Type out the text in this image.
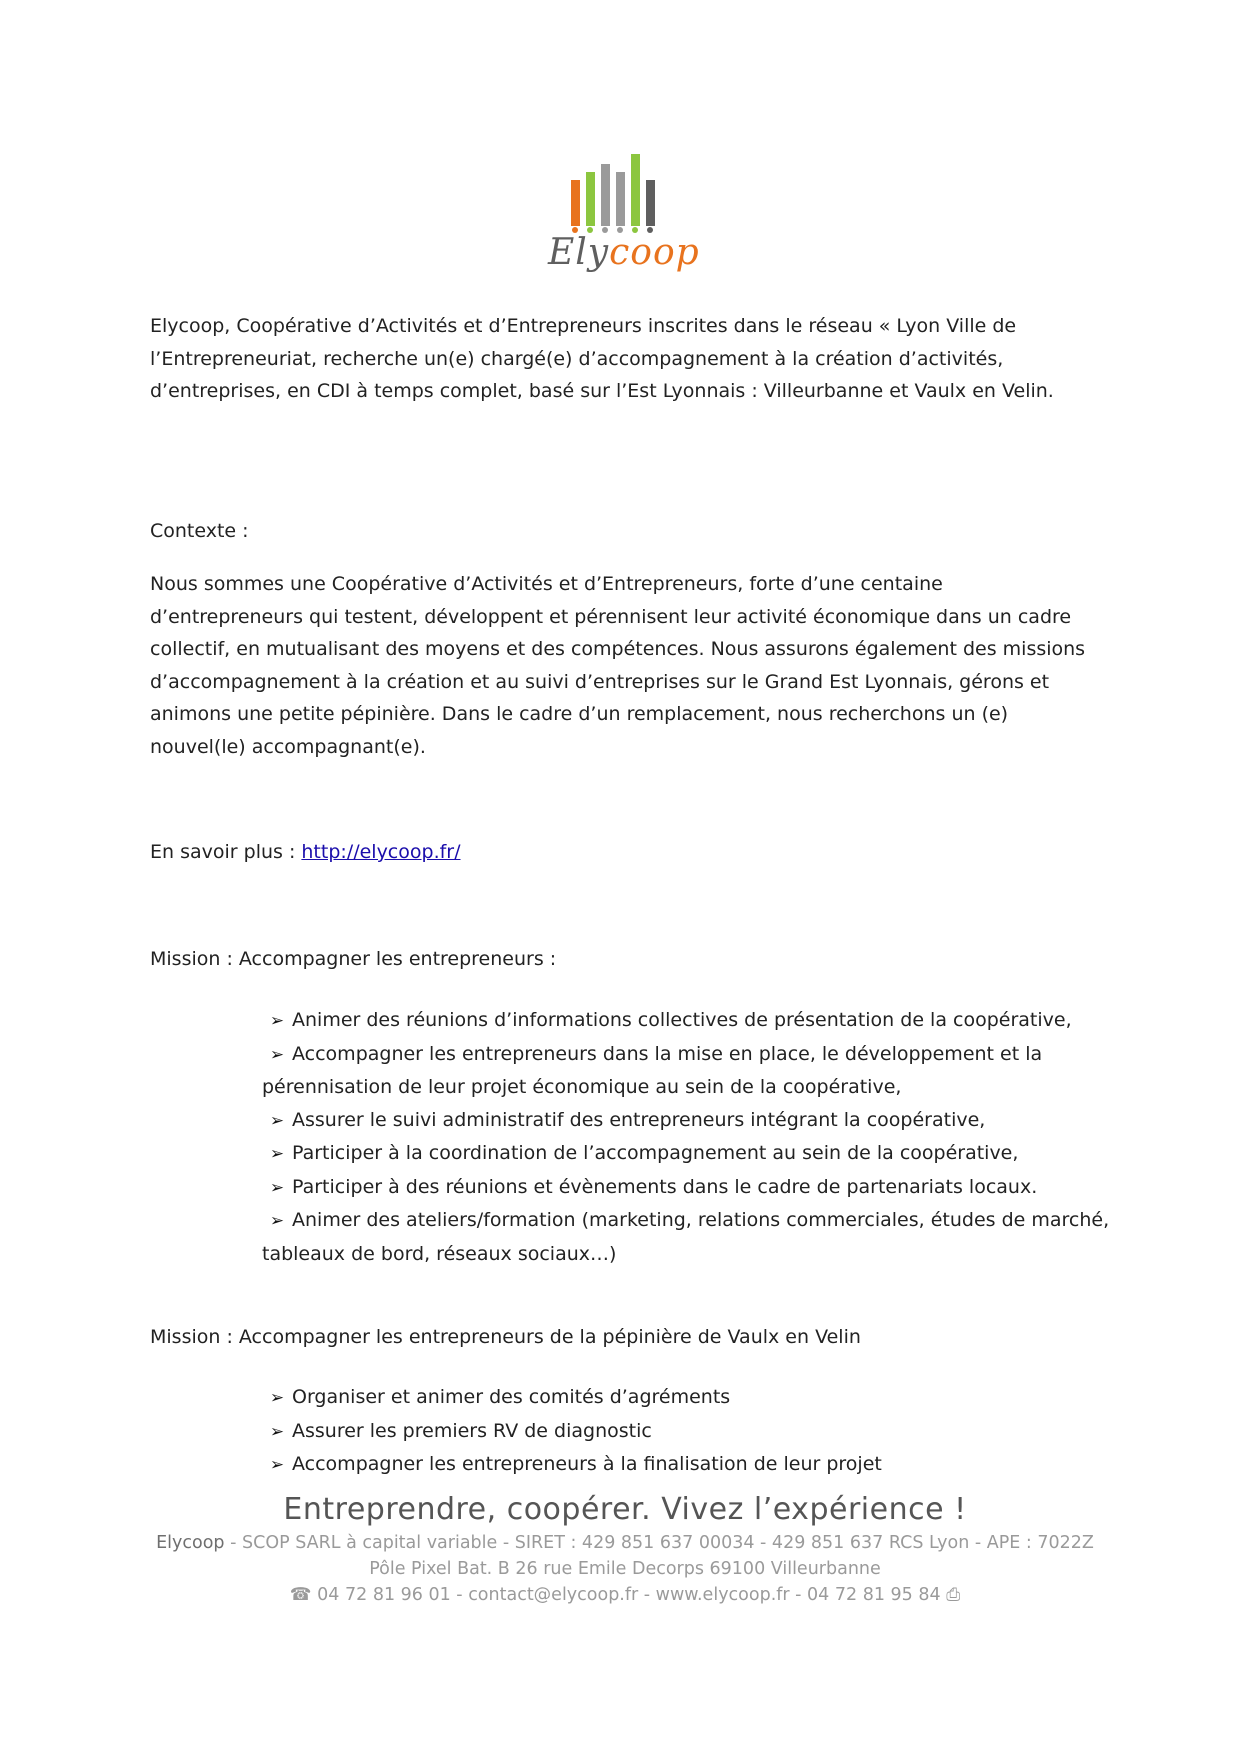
Elycoop

Elycoop, Coopérative d’Activités et d’Entrepreneurs inscrites dans le réseau « Lyon Ville de l’Entrepreneuriat, recherche un(e) chargé(e) d’accompagnement à la création d’activités, d’entreprises, en CDI à temps complet, basé sur l’Est Lyonnais : Villeurbanne et Vaulx en Velin.

Contexte :

Nous sommes une Coopérative d’Activités et d’Entrepreneurs, forte d’une centaine d’entrepreneurs qui testent, développent et pérennisent leur activité économique dans un cadre collectif, en mutualisant des moyens et des compétences. Nous assurons également des missions d’accompagnement à la création et au suivi d’entreprises sur le Grand Est Lyonnais, gérons et animons une petite pépinière. Dans le cadre d’un remplacement, nous recherchons un (e) nouvel(le) accompagnant(e).

En savoir plus : http://elycoop.fr/
Mission : Accompagner les entrepreneurs :
➢ Animer des réunions d’informations collectives de présentation de la coopérative,
➢ Accompagner les entrepreneurs dans la mise en place, le développement et la pérennisation de leur projet économique au sein de la coopérative,
➢ Assurer le suivi administratif des entrepreneurs intégrant la coopérative,
➢ Participer à la coordination de l’accompagnement au sein de la coopérative,
➢ Participer à des réunions et évènements dans le cadre de partenariats locaux.
➢ Animer des ateliers/formation (marketing, relations commerciales, études de marché, tableaux de bord, réseaux sociaux…)
Mission : Accompagner les entrepreneurs de la pépinière de Vaulx en Velin
➢ Organiser et animer des comités d’agréments
➢ Assurer les premiers RV de diagnostic
➢ Accompagner les entrepreneurs à la finalisation de leur projet
Entreprendre, coopérer. Vivez l’expérience !
Elycoop - SCOP SARL à capital variable - SIRET : 429 851 637 00034 - 429 851 637 RCS Lyon - APE : 7022Z
Pôle Pixel Bat. B 26 rue Emile Decorps 69100 Villeurbanne
☎ 04 72 81 96 01 - contact@elycoop.fr - www.elycoop.fr - 04 72 81 95 84 ⎙
